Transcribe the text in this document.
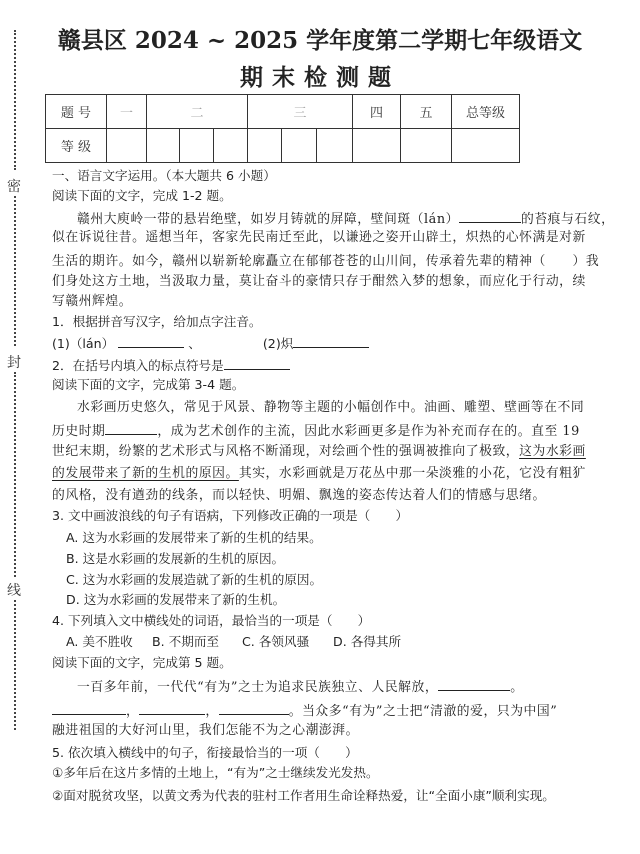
密
封
线
赣县区 2024 ~ 2025 学年度第二学期七年级语文
期末检测题
题 号	一	二			三			四	五	总等级
等 级										
一、语言文字运用。（本大题共 6 小题）
阅读下面的文字，完成 1-2 题。
赣州大庾岭一带的悬岩绝壁，如岁月铸就的屏障，壁间斑（lán）	的苔痕与石纹，
似在诉说往昔。遥想当年，客家先民南迁至此，以谦逊之姿开山辟土，炽热的心怀满是对新
生活的期许。如今，赣州以崭新轮廓矗立在郁郁苍苍的山川间，传承着先辈的精神（　　）我
们身处这方土地，当汲取力量，莫让奋斗的豪情只存于酣然入梦的想象，而应化于行动，续
写赣州辉煌。
1．根据拼音写汉字，给加点字注音。
(1)（lán）	、	(2)炽
2．在括号内填入的标点符号是
阅读下面的文字，完成第 3-4 题。
水彩画历史悠久，常见于风景、静物等主题的小幅创作中。油画、雕塑、壁画等在不同
历史时期	，成为艺术创作的主流，因此水彩画更多是作为补充而存在的。直至 19
世纪末期，纷繁的艺术形式与风格不断涌现，对绘画个性的强调被推向了极致，这为水彩画
的发展带来了新的生机的原因。其实，水彩画就是万花丛中那一朵淡雅的小花，它没有粗犷
的风格，没有遒劲的线条，而以轻快、明媚、飘逸的姿态传达着人们的情感与思绪。
3. 文中画波浪线的句子有语病，下列修改正确的一项是（　　）
A. 这为水彩画的发展带来了新的生机的结果。
B. 这是水彩画的发展新的生机的原因。
C. 这为水彩画的发展造就了新的生机的原因。
D. 这为水彩画的发展带来了新的生机。
4. 下列填入文中横线处的词语，最恰当的一项是（　　）
A. 美不胜收 B. 不期而至 C. 各领风骚 D. 各得其所
阅读下面的文字，完成第 5 题。
一百多年前，一代代“有为”之士为追求民族独立、人民解放，	。
，	，	。当众多“有为”之士把“清澈的爱，只为中国”
融进祖国的大好河山里，我们怎能不为之心潮澎湃。
5. 依次填入横线中的句子，衔接最恰当的一项（　　）
①多年后在这片多情的土地上，“有为”之士继续发光发热。
②面对脱贫攻坚，以黄文秀为代表的驻村工作者用生命诠释热爱，让“全面小康”顺利实现。
